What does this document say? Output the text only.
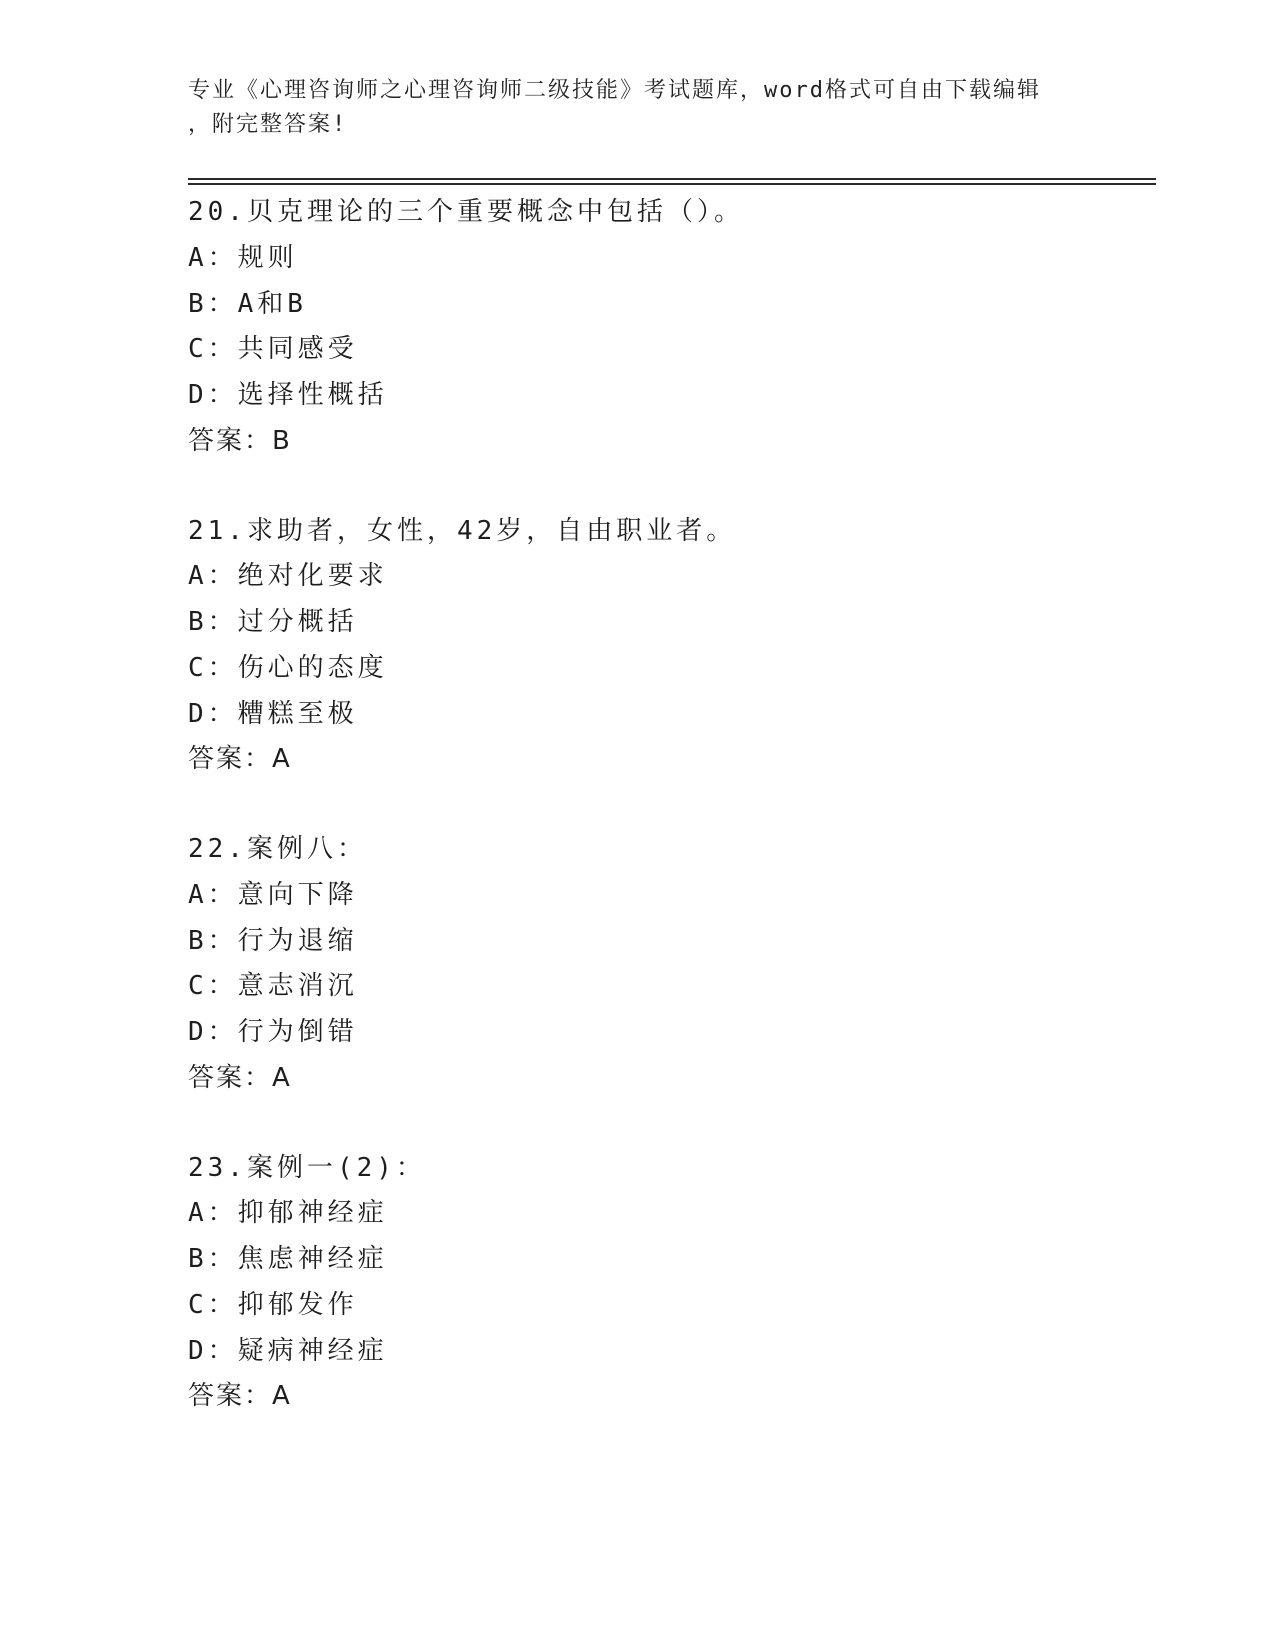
专业《心理咨询师之心理咨询师二级技能》考试题库，word格式可自由下载编辑
，附完整答案!
20.贝克理论的三个重要概念中包括（）。
A：规则
B：A和B
C：共同感受
D：选择性概括
答案：B
21.求助者，女性，42岁，自由职业者。
A：绝对化要求
B：过分概括
C：伤心的态度
D：糟糕至极
答案：A
22.案例八：
A：意向下降
B：行为退缩
C：意志消沉
D：行为倒错
答案：A
23.案例一(2)：
A：抑郁神经症
B：焦虑神经症
C：抑郁发作
D：疑病神经症
答案：A
